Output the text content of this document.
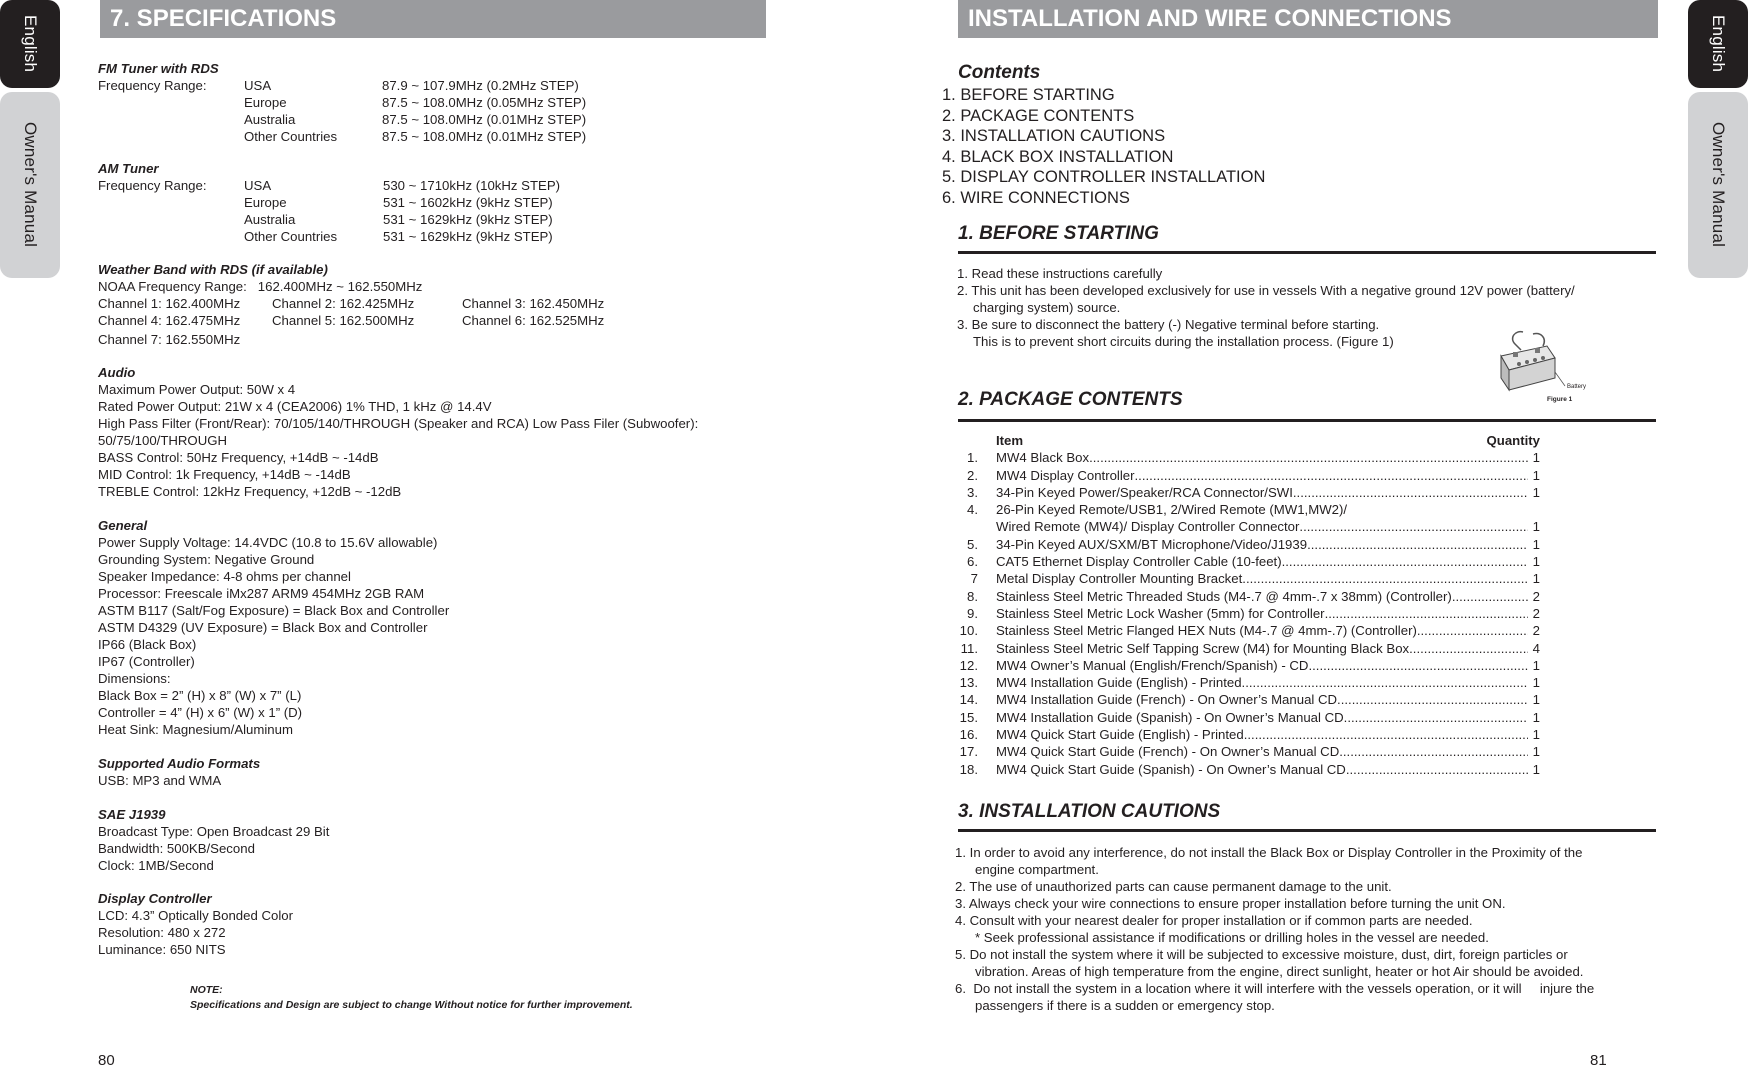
English
Owner's Manual
English
Owner's Manual
7. SPECIFICATIONS	INSTALLATION AND WIRE CONNECTIONS
FM Tuner with RDS
Frequency Range:	USA	87.9 ~ 107.9MHz (0.2MHz STEP)
Europe	87.5 ~ 108.0MHz (0.05MHz STEP)
Australia	87.5 ~ 108.0MHz (0.01MHz STEP)
Other Countries	87.5 ~ 108.0MHz (0.01MHz STEP)
AM Tuner
Frequency Range:	USA	530 ~ 1710kHz (10kHz STEP)
Europe	531 ~ 1602kHz (9kHz STEP)
Australia	531 ~ 1629kHz (9kHz STEP)
Other Countries	531 ~ 1629kHz (9kHz STEP)
Weather Band with RDS (if available)
NOAA Frequency Range:   162.400MHz ~ 162.550MHz
Channel 1: 162.400MHz	Channel 2: 162.425MHz	Channel 3: 162.450MHz
Channel 4: 162.475MHz	Channel 5: 162.500MHz	Channel 6: 162.525MHz
Channel 7: 162.550MHz
Audio
Maximum Power Output: 50W x 4
Rated Power Output: 21W x 4 (CEA2006) 1% THD, 1 kHz @ 14.4V
High Pass Filter (Front/Rear): 70/105/140/THROUGH (Speaker and RCA) Low Pass Filer (Subwoofer):
50/75/100/THROUGH
BASS Control: 50Hz Frequency, +14dB ~ -14dB
MID Control: 1k Frequency, +14dB ~ -14dB
TREBLE Control: 12kHz Frequency, +12dB ~ -12dB
General
Power Supply Voltage: 14.4VDC (10.8 to 15.6V allowable)
Grounding System: Negative Ground
Speaker Impedance: 4-8 ohms per channel
Processor: Freescale iMx287 ARM9 454MHz 2GB RAM
ASTM B117 (Salt/Fog Exposure) = Black Box and Controller
ASTM D4329 (UV Exposure) = Black Box and Controller
IP66 (Black Box)
IP67 (Controller)
Dimensions:
Black Box = 2” (H) x 8” (W) x 7” (L)
Controller = 4” (H) x 6” (W) x 1” (D)
Heat Sink: Magnesium/Aluminum
Supported Audio Formats
USB: MP3 and WMA
SAE J1939
Broadcast Type: Open Broadcast 29 Bit
Bandwidth: 500KB/Second
Clock: 1MB/Second
Display Controller
LCD: 4.3” Optically Bonded Color
Resolution: 480 x 272
Luminance: 650 NITS
NOTE:
Specifications and Design are subject to change Without notice for further improvement.
80
Contents
1. BEFORE STARTING
2. PACKAGE CONTENTS
3. INSTALLATION CAUTIONS
4. BLACK BOX INSTALLATION
5. DISPLAY CONTROLLER INSTALLATION
6. WIRE CONNECTIONS
1. BEFORE STARTING
1. Read these instructions carefully
2. This unit has been developed exclusively for use in vessels With a negative ground 12V power (battery/
charging system) source.
3. Be sure to disconnect the battery (-) Negative terminal before starting.
This is to prevent short circuits during the installation process. (Figure 1)
Battery
Figure 1
2. PACKAGE CONTENTS
Item	Quantity
1.	MW4 Black Box .....	1
2.	MW4 Display Controller .....	1
3.	34-Pin Keyed Power/Speaker/RCA Connector/SWI .....	1
4.	26-Pin Keyed Remote/USB1, 2/Wired Remote (MW1,MW2)/
Wired Remote (MW4)/ Display Controller Connector .....	1
5.	34-Pin Keyed AUX/SXM/BT Microphone/Video/J1939 .....	1
6.	CAT5 Ethernet Display Controller Cable (10-feet) .....	1
7	Metal Display Controller Mounting Bracket .....	1
8.	Stainless Steel Metric Threaded Studs (M4-.7 @ 4mm-.7 x 38mm) (Controller) .....	2
9.	Stainless Steel Metric Lock Washer (5mm) for Controller .....	2
10.	Stainless Steel Metric Flanged HEX Nuts (M4-.7 @ 4mm-.7) (Controller) .....	2
11.	Stainless Steel Metric Self Tapping Screw (M4) for Mounting Black Box .....	4
12.	MW4 Owner’s Manual (English/French/Spanish) - CD .....	1
13.	MW4 Installation Guide (English) - Printed .....	1
14.	MW4 Installation Guide (French) - On Owner’s Manual CD .....	1
15.	MW4 Installation Guide (Spanish) - On Owner’s Manual CD .....	1
16.	MW4 Quick Start Guide (English) - Printed .....	1
17.	MW4 Quick Start Guide (French) - On Owner’s Manual CD .....	1
18.	MW4 Quick Start Guide (Spanish) - On Owner’s Manual CD .....	1
3. INSTALLATION CAUTIONS
1. In order to avoid any interference, do not install the Black Box or Display Controller in the Proximity of the
engine compartment.
2. The use of unauthorized parts can cause permanent damage to the unit.
3. Always check your wire connections to ensure proper installation before turning the unit ON.
4. Consult with your nearest dealer for proper installation or if common parts are needed.
* Seek professional assistance if modifications or drilling holes in the vessel are needed.
5. Do not install the system where it will be subjected to excessive moisture, dust, dirt, foreign particles or
vibration. Areas of high temperature from the engine, direct sunlight, heater or hot Air should be avoided.
6.  Do not install the system in a location where it will interfere with the vessels operation, or it will     injure the
passengers if there is a sudden or emergency stop.
81
